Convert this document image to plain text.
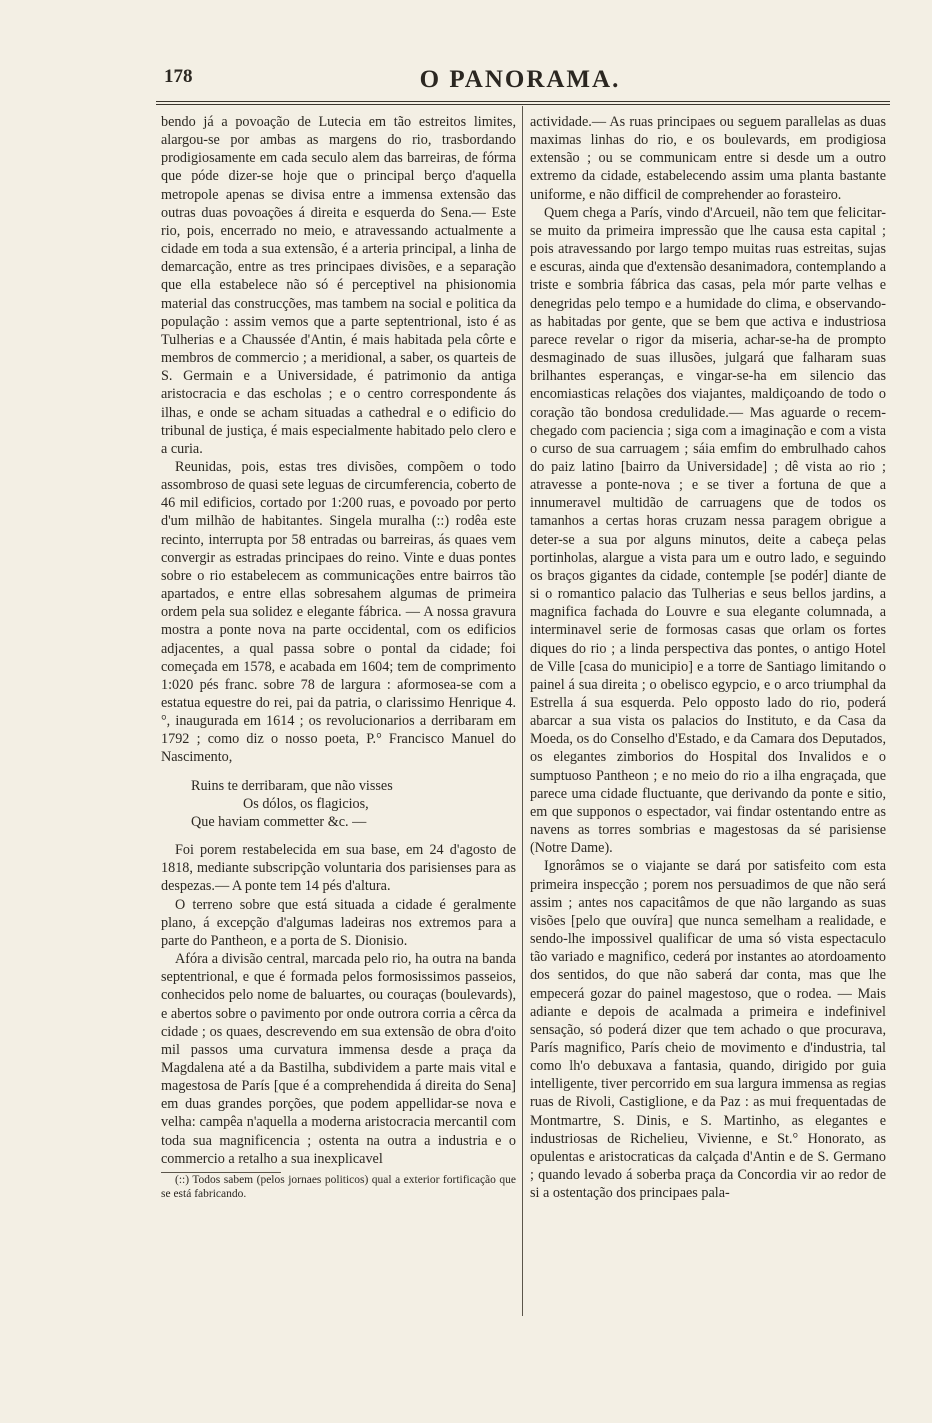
178	O PANORAMA.

bendo já a povoação de Lutecia em tão estreitos limites, alargou-se por ambas as margens do rio, trasbordando prodigiosamente em cada seculo alem das barreiras, de fórma que póde dizer-se hoje que o principal berço d'aquella metropole apenas se divisa entre a immensa extensão das outras duas povoações á direita e esquerda do Sena.— Este rio, pois, encerrado no meio, e atravessando actualmente a cidade em toda a sua extensão, é a arteria principal, a linha de demarcação, entre as tres principaes divisões, e a separação que ella estabelece não só é perceptivel na phisionomia material das construcções, mas tambem na social e politica da população : assim vemos que a parte septentrional, isto é as Tulherias e a Chaussée d'Antin, é mais habitada pela côrte e membros de commercio ; a meridional, a saber, os quarteis de S. Germain e a Universidade, é patrimonio da antiga aristocracia e das escholas ; e o centro correspondente ás ilhas, e onde se acham situadas a cathedral e o edificio do tribunal de justiça, é mais especialmente habitado pelo clero e a curia.

Reunidas, pois, estas tres divisões, compõem o todo assombroso de quasi sete leguas de circumferencia, coberto de 46 mil edificios, cortado por 1:200 ruas, e povoado por perto d'um milhão de habitantes. Singela muralha (::) rodêa este recinto, interrupta por 58 entradas ou barreiras, ás quaes vem convergir as estradas principaes do reino. Vinte e duas pontes sobre o rio estabelecem as communicações entre bairros tão apartados, e entre ellas sobresahem algumas de primeira ordem pela sua solidez e elegante fábrica. — A nossa gravura mostra a ponte nova na parte occidental, com os edificios adjacentes, a qual passa sobre o pontal da cidade; foi começada em 1578, e acabada em 1604; tem de comprimento 1:020 pés franc. sobre 78 de largura : aformosea-se com a estatua equestre do rei, pai da patria, o clarissimo Henrique 4.°, inaugurada em 1614 ; os revolucionarios a derribaram em 1792 ; como diz o nosso poeta, P.° Francisco Manuel do Nascimento,

Ruins te derribaram, que não visses
Os dólos, os flagicios,
Que haviam commetter &c. —

Foi porem restabelecida em sua base, em 24 d'agosto de 1818, mediante subscripção voluntaria dos parisienses para as despezas.— A ponte tem 14 pés d'altura.

O terreno sobre que está situada a cidade é geralmente plano, á excepção d'algumas ladeiras nos extremos para a parte do Pantheon, e a porta de S. Dionisio.

Afóra a divisão central, marcada pelo rio, ha outra na banda septentrional, e que é formada pelos formosissimos passeios, conhecidos pelo nome de baluartes, ou couraças (boulevards), e abertos sobre o pavimento por onde outrora corria a cêrca da cidade ; os quaes, descrevendo em sua extensão de obra d'oito mil passos uma curvatura immensa desde a praça da Magdalena até a da Bastilha, subdividem a parte mais vital e magestosa de París [que é a comprehendida á direita do Sena] em duas grandes porções, que podem appellidar-se nova e velha: campêa n'aquella a moderna aristocracia mercantil com toda sua magnificencia ; ostenta na outra a industria e o commercio a retalho a sua inexplicavel

(::) Todos sabem (pelos jornaes politicos) qual a exterior fortificação que se está fabricando.

actividade.— As ruas principaes ou seguem parallelas as duas maximas linhas do rio, e os boulevards, em prodigiosa extensão ; ou se communicam entre si desde um a outro extremo da cidade, estabelecendo assim uma planta bastante uniforme, e não difficil de comprehender ao forasteiro.

Quem chega a París, vindo d'Arcueil, não tem que felicitar-se muito da primeira impressão que lhe causa esta capital ; pois atravessando por largo tempo muitas ruas estreitas, sujas e escuras, ainda que d'extensão desanimadora, contemplando a triste e sombria fábrica das casas, pela mór parte velhas e denegridas pelo tempo e a humidade do clima, e observando-as habitadas por gente, que se bem que activa e industriosa parece revelar o rigor da miseria, achar-se-ha de prompto desmaginado de suas illusões, julgará que falharam suas brilhantes esperanças, e vingar-se-ha em silencio das encomiasticas relações dos viajantes, maldiçoando de todo o coração tão bondosa credulidade.— Mas aguarde o recem-chegado com paciencia ; siga com a imaginação e com a vista o curso de sua carruagem ; sáia emfim do embrulhado cahos do paiz latino [bairro da Universidade] ; dê vista ao rio ; atravesse a ponte-nova ; e se tiver a fortuna de que a innumeravel multidão de carruagens que de todos os tamanhos a certas horas cruzam nessa paragem obrigue a deter-se a sua por alguns minutos, deite a cabeça pelas portinholas, alargue a vista para um e outro lado, e seguindo os braços gigantes da cidade, contemple [se podér] diante de si o romantico palacio das Tulherias e seus bellos jardins, a magnifica fachada do Louvre e sua elegante columnada, a interminavel serie de formosas casas que orlam os fortes diques do rio ; a linda perspectiva das pontes, o antigo Hotel de Ville [casa do municipio] e a torre de Santiago limitando o painel á sua direita ; o obelisco egypcio, e o arco triumphal da Estrella á sua esquerda. Pelo opposto lado do rio, poderá abarcar a sua vista os palacios do Instituto, e da Casa da Moeda, os do Conselho d'Estado, e da Camara dos Deputados, os elegantes zimborios do Hospital dos Invalidos e o sumptuoso Pantheon ; e no meio do rio a ilha engraçada, que parece uma cidade fluctuante, que derivando da ponte e sitio, em que supponos o espectador, vai findar ostentando entre as navens as torres sombrias e magestosas da sé parisiense (Notre Dame).

Ignorâmos se o viajante se dará por satisfeito com esta primeira inspecção ; porem nos persuadimos de que não será assim ; antes nos capacitâmos de que não largando as suas visões [pelo que ouvíra] que nunca semelham a realidade, e sendo-lhe impossivel qualificar de uma só vista espectaculo tão variado e magnifico, cederá por instantes ao atordoamento dos sentidos, do que não saberá dar conta, mas que lhe empecerá gozar do painel magestoso, que o rodea. — Mais adiante e depois de acalmada a primeira e indefinivel sensação, só poderá dizer que tem achado o que procurava, París magnifico, París cheio de movimento e d'industria, tal como lh'o debuxava a fantasia, quando, dirigido por guia intelligente, tiver percorrido em sua largura immensa as regias ruas de Rivoli, Castiglione, e da Paz : as mui frequentadas de Montmartre, S. Dinis, e S. Martinho, as elegantes e industriosas de Richelieu, Vivienne, e St.° Honorato, as opulentas e aristocraticas da calçada d'Antin e de S. Germano ; quando levado á soberba praça da Concordia vir ao redor de si a ostentação dos principaes pala-
